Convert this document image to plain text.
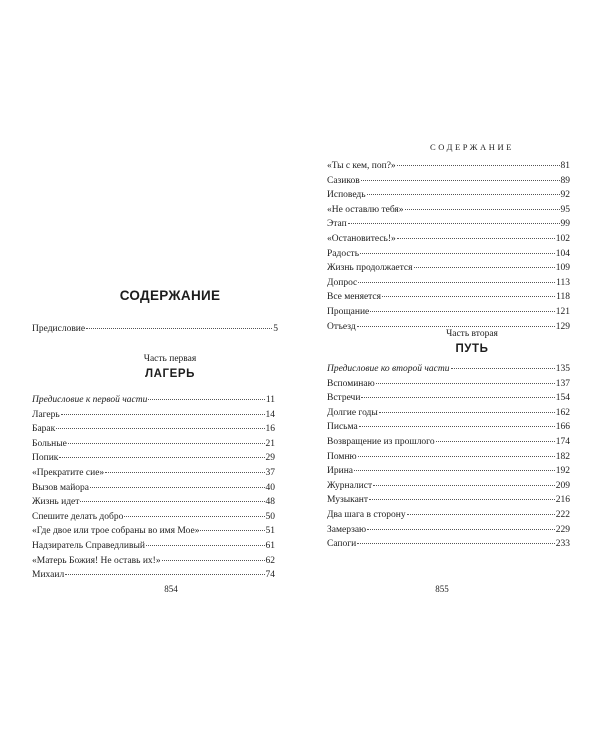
СОДЕРЖАНИЕ
Предисловие	5
Часть первая
ЛАГЕРЬ
Предисловие к первой части	11
Лагерь	14
Барак	16
Больные	21
Попик	29
«Прекратите сие»	37
Вызов майора	40
Жизнь идет	48
Спешите делать добро	50
«Где двое или трое собраны во имя Мое»	51
Надзиратель Справедливый	61
«Матерь Божия! Не оставь их!»	62
Михаил	74
854
СОДЕРЖАНИЕ
«Ты с кем, поп?»	81
Сазиков	89
Исповедь	92
«Не оставлю тебя»	95
Этап	99
«Остановитесь!»	102
Радость	104
Жизнь продолжается	109
Допрос	113
Все меняется	118
Прощание	121
Отъезд	129
Часть вторая
ПУТЬ
Предисловие ко второй части	135
Вспоминаю	137
Встречи	154
Долгие годы	162
Письма	166
Возвращение из прошлого	174
Помню	182
Ирина	192
Журналист	209
Музыкант	216
Два шага в сторону	222
Замерзаю	229
Сапоги	233
855
